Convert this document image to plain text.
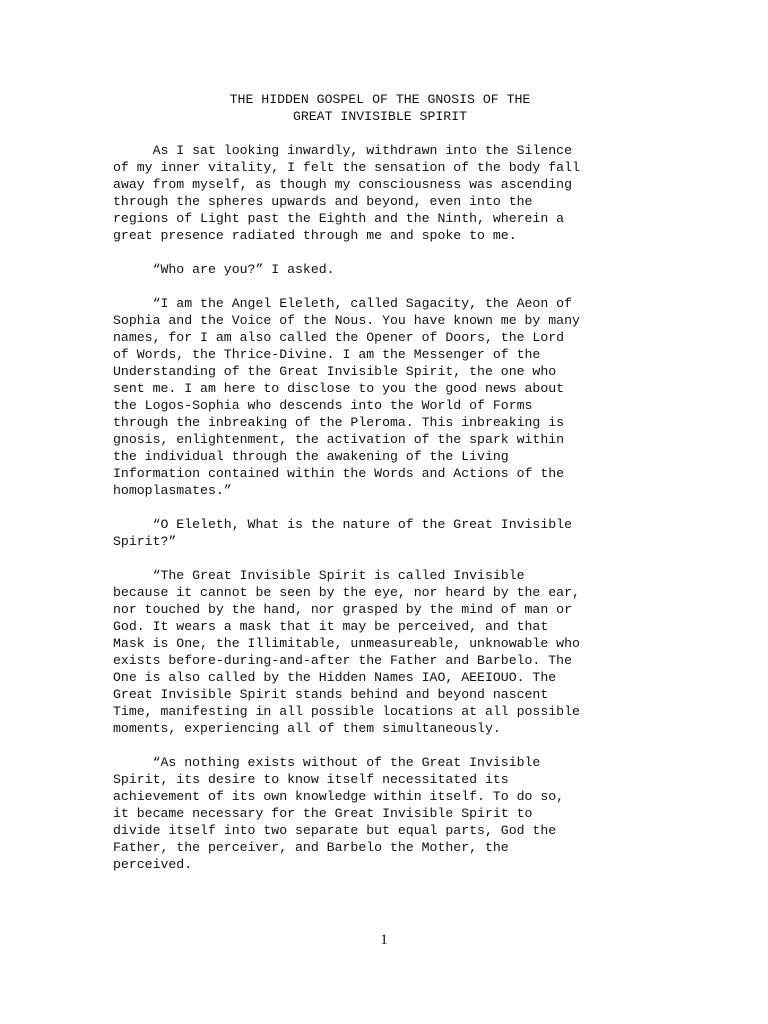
THE HIDDEN GOSPEL OF THE GNOSIS OF THE
GREAT INVISIBLE SPIRIT
As I sat looking inwardly, withdrawn into the Silence
of my inner vitality, I felt the sensation of the body fall
away from myself, as though my consciousness was ascending
through the spheres upwards and beyond, even into the
regions of Light past the Eighth and the Ninth, wherein a
great presence radiated through me and spoke to me.
“Who are you?” I asked.
“I am the Angel Eleleth, called Sagacity, the Aeon of
Sophia and the Voice of the Nous. You have known me by many
names, for I am also called the Opener of Doors, the Lord
of Words, the Thrice-Divine. I am the Messenger of the
Understanding of the Great Invisible Spirit, the one who
sent me. I am here to disclose to you the good news about
the Logos-Sophia who descends into the World of Forms
through the inbreaking of the Pleroma. This inbreaking is
gnosis, enlightenment, the activation of the spark within
the individual through the awakening of the Living
Information contained within the Words and Actions of the
homoplasmates.”
“O Eleleth, What is the nature of the Great Invisible
Spirit?”
“The Great Invisible Spirit is called Invisible
because it cannot be seen by the eye, nor heard by the ear,
nor touched by the hand, nor grasped by the mind of man or
God. It wears a mask that it may be perceived, and that
Mask is One, the Illimitable, unmeasureable, unknowable who
exists before-during-and-after the Father and Barbelo. The
One is also called by the Hidden Names IAO, AEEIOUO. The
Great Invisible Spirit stands behind and beyond nascent
Time, manifesting in all possible locations at all possible
moments, experiencing all of them simultaneously.
“As nothing exists without of the Great Invisible
Spirit, its desire to know itself necessitated its
achievement of its own knowledge within itself. To do so,
it became necessary for the Great Invisible Spirit to
divide itself into two separate but equal parts, God the
Father, the perceiver, and Barbelo the Mother, the
perceived.
1
